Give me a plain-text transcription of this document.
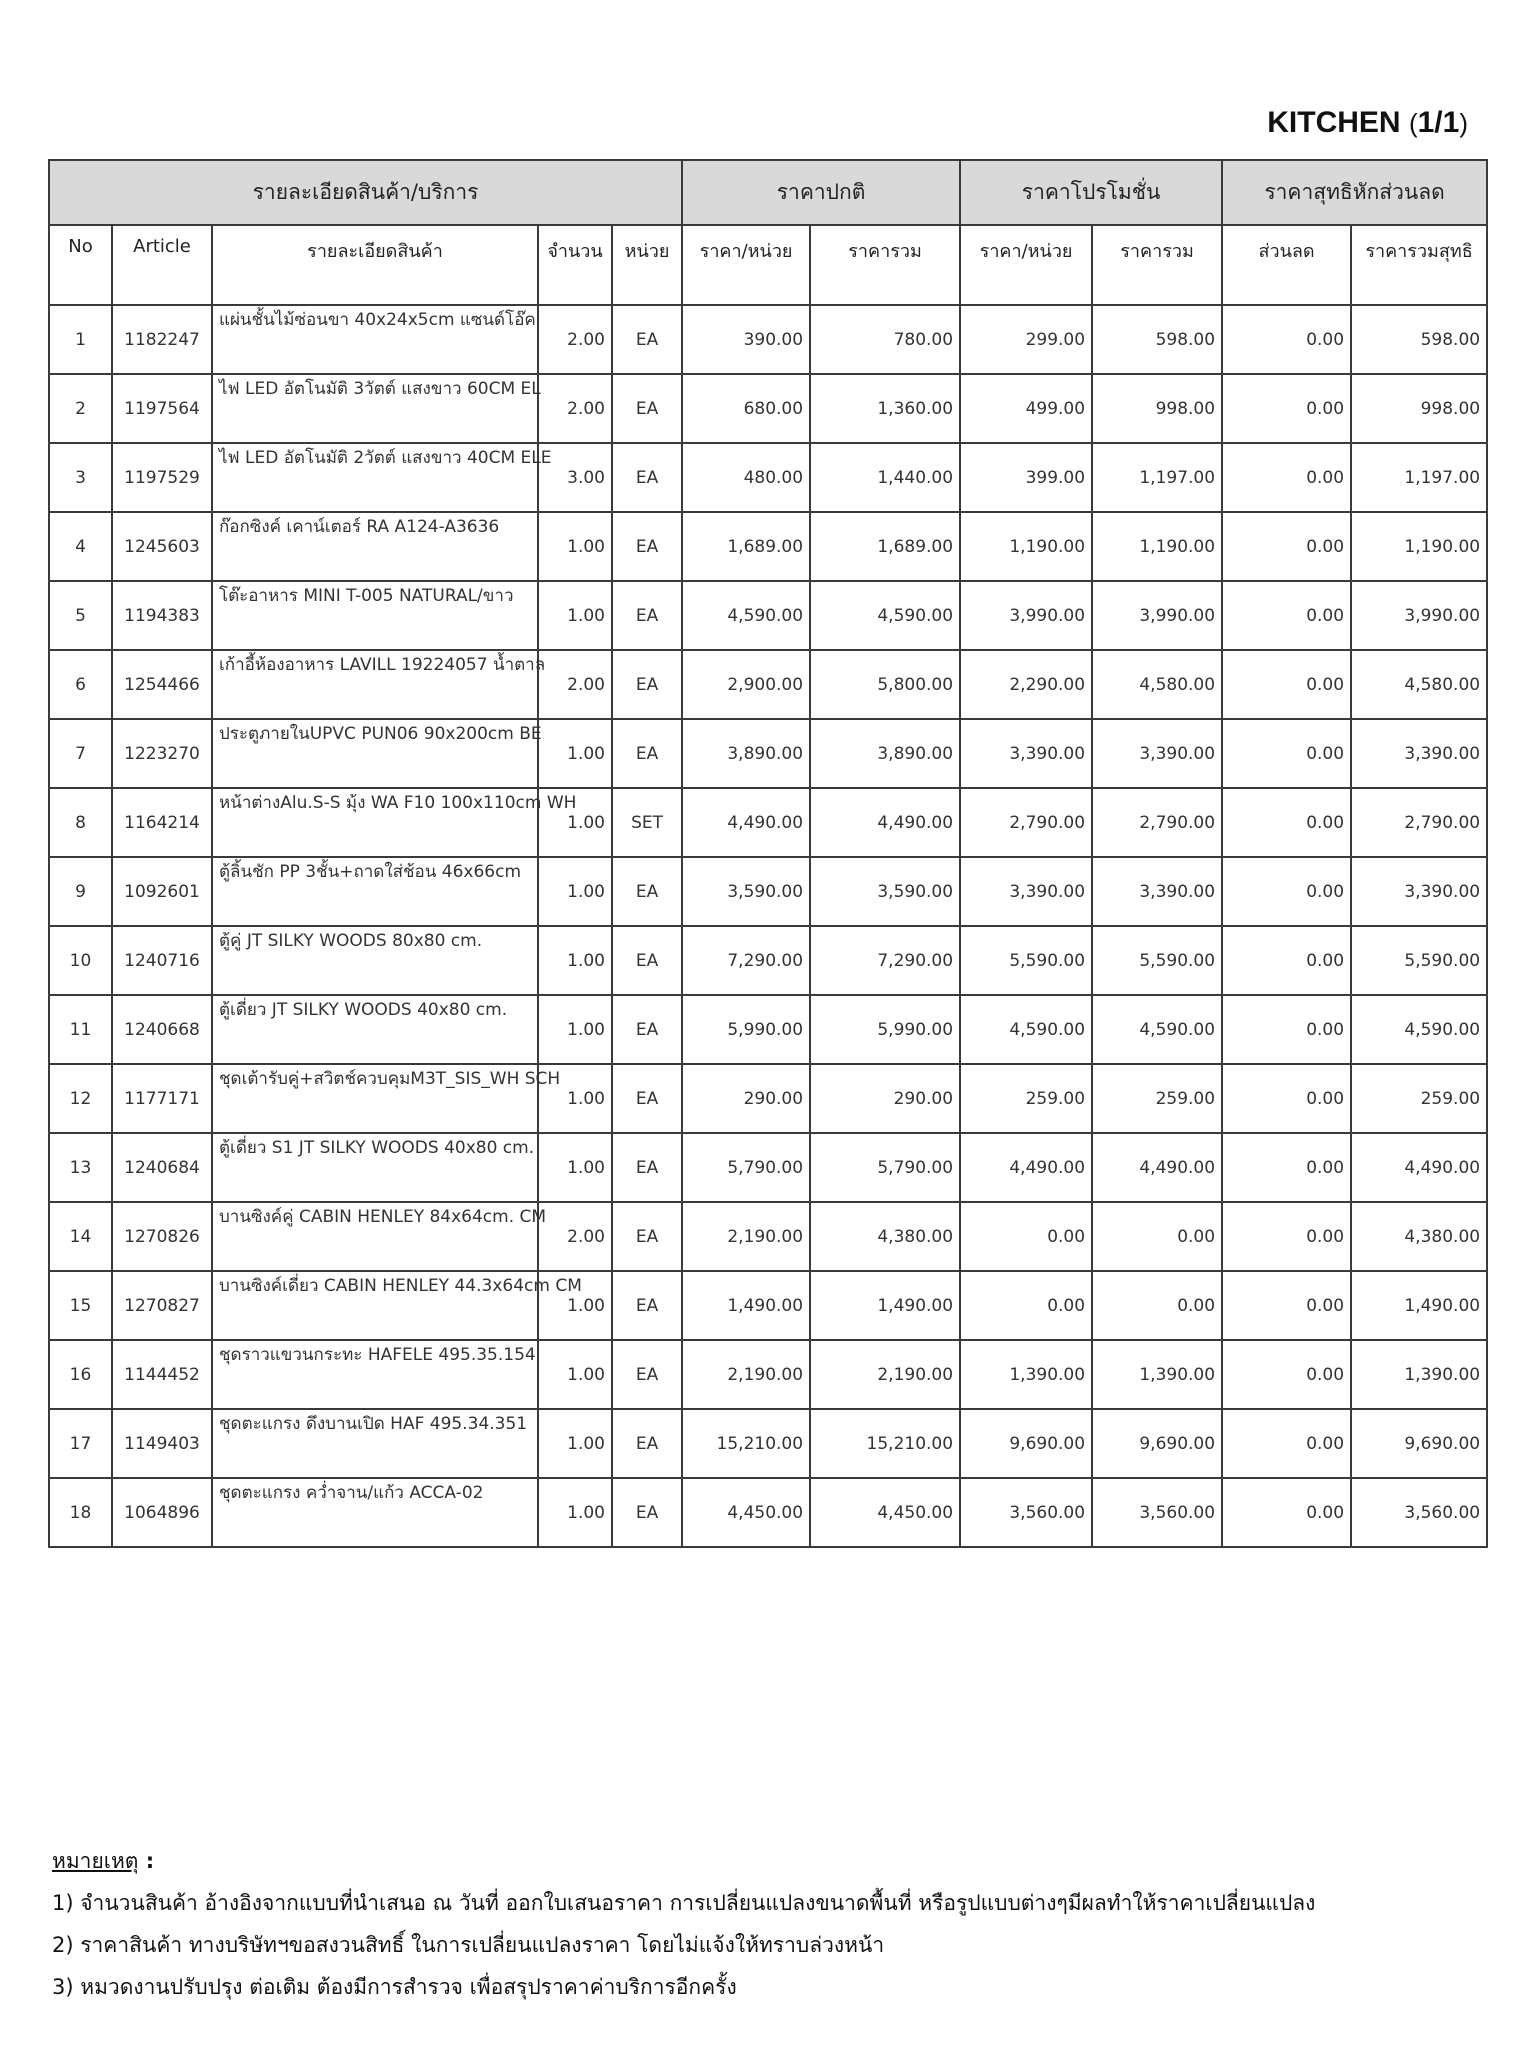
KITCHEN (1/1)
รายละเอียดสินค้า/บริการ					ราคาปกติ		ราคาโปรโมชั่น		ราคาสุทธิหักส่วนลด	
No	Article	รายละเอียดสินค้า	จำนวน	หน่วย	ราคา/หน่วย	ราคารวม	ราคา/หน่วย	ราคารวม	ส่วนลด	ราคารวมสุทธิ
1	1182247	แผ่นชั้นไม้ซ่อนขา 40x24x5cm แซนด์โอ๊ค	2.00	EA	390.00	780.00	299.00	598.00	0.00	598.00
2	1197564	ไฟ LED อัตโนมัติ 3วัตต์ แสงขาว 60CM EL	2.00	EA	680.00	1,360.00	499.00	998.00	0.00	998.00
3	1197529	ไฟ LED อัตโนมัติ 2วัตต์ แสงขาว 40CM ELE	3.00	EA	480.00	1,440.00	399.00	1,197.00	0.00	1,197.00
4	1245603	ก๊อกซิงค์ เคาน์เตอร์ RA A124-A3636	1.00	EA	1,689.00	1,689.00	1,190.00	1,190.00	0.00	1,190.00
5	1194383	โต๊ะอาหาร MINI T-005 NATURAL/ขาว	1.00	EA	4,590.00	4,590.00	3,990.00	3,990.00	0.00	3,990.00
6	1254466	เก้าอี้ห้องอาหาร LAVILL 19224057 น้ำตาล	2.00	EA	2,900.00	5,800.00	2,290.00	4,580.00	0.00	4,580.00
7	1223270	ประตูภายในUPVC PUN06 90x200cm BE	1.00	EA	3,890.00	3,890.00	3,390.00	3,390.00	0.00	3,390.00
8	1164214	หน้าต่างAlu.S-S มุ้ง WA F10 100x110cm WH	1.00	SET	4,490.00	4,490.00	2,790.00	2,790.00	0.00	2,790.00
9	1092601	ตู้ลิ้นชัก PP 3ชั้น+ถาดใส่ช้อน 46x66cm	1.00	EA	3,590.00	3,590.00	3,390.00	3,390.00	0.00	3,390.00
10	1240716	ตู้คู่ JT SILKY WOODS 80x80 cm.	1.00	EA	7,290.00	7,290.00	5,590.00	5,590.00	0.00	5,590.00
11	1240668	ตู้เดี่ยว JT SILKY WOODS 40x80 cm.	1.00	EA	5,990.00	5,990.00	4,590.00	4,590.00	0.00	4,590.00
12	1177171	ชุดเต้ารับคู่+สวิตช์ควบคุมM3T_SIS_WH SCH	1.00	EA	290.00	290.00	259.00	259.00	0.00	259.00
13	1240684	ตู้เดี่ยว S1 JT SILKY WOODS 40x80 cm.	1.00	EA	5,790.00	5,790.00	4,490.00	4,490.00	0.00	4,490.00
14	1270826	บานซิงค์คู่ CABIN HENLEY 84x64cm. CM	2.00	EA	2,190.00	4,380.00	0.00	0.00	0.00	4,380.00
15	1270827	บานซิงค์เดี่ยว CABIN HENLEY 44.3x64cm CM	1.00	EA	1,490.00	1,490.00	0.00	0.00	0.00	1,490.00
16	1144452	ชุดราวแขวนกระทะ HAFELE 495.35.154	1.00	EA	2,190.00	2,190.00	1,390.00	1,390.00	0.00	1,390.00
17	1149403	ชุดตะแกรง ดึงบานเปิด HAF 495.34.351	1.00	EA	15,210.00	15,210.00	9,690.00	9,690.00	0.00	9,690.00
18	1064896	ชุดตะแกรง คว่ำจาน/แก้ว ACCA-02	1.00	EA	4,450.00	4,450.00	3,560.00	3,560.00	0.00	3,560.00
หมายเหตุ :
1) จำนวนสินค้า อ้างอิงจากแบบที่นำเสนอ ณ วันที่ ออกใบเสนอราคา การเปลี่ยนแปลงขนาดพื้นที่ หรือรูปแบบต่างๆมีผลทำให้ราคาเปลี่ยนแปลง
2) ราคาสินค้า ทางบริษัทฯขอสงวนสิทธิ์ ในการเปลี่ยนแปลงราคา โดยไม่แจ้งให้ทราบล่วงหน้า
3) หมวดงานปรับปรุง ต่อเติม ต้องมีการสำรวจ เพื่อสรุปราคาค่าบริการอีกครั้ง
